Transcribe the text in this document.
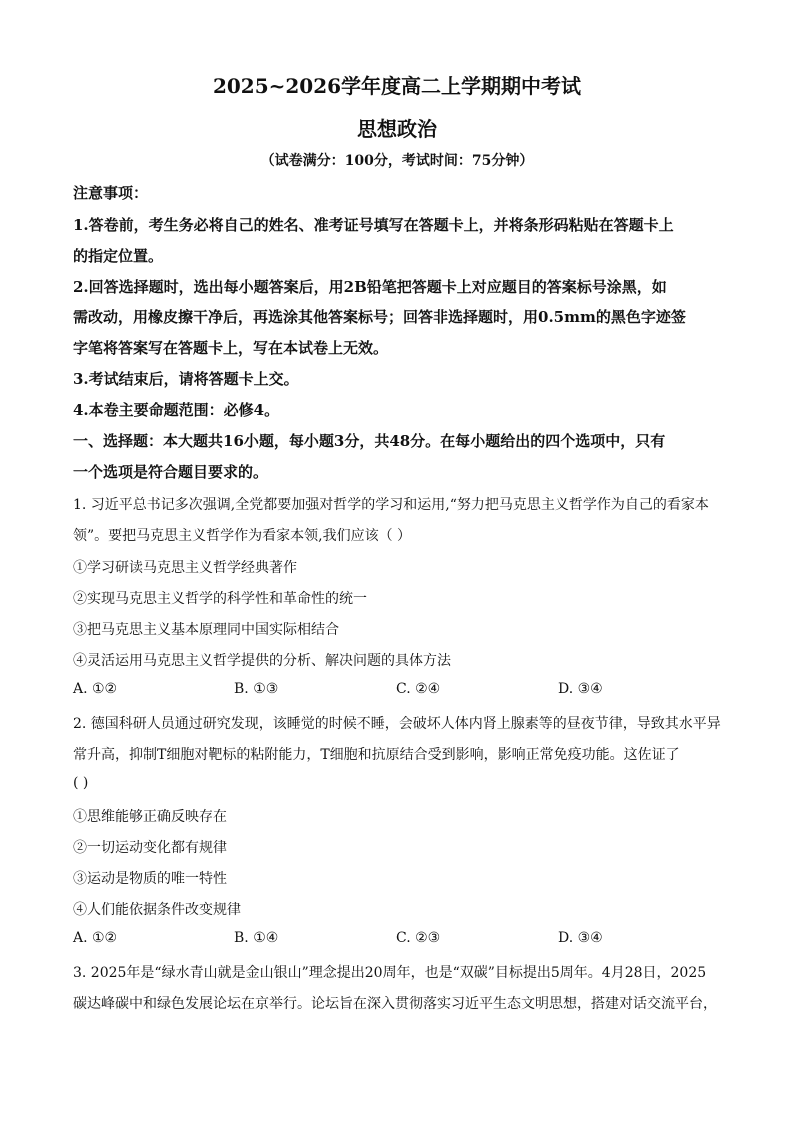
2025~2026学年度高二上学期期中考试
思想政治
（试卷满分：100分，考试时间：75分钟）
注意事项：
1.答卷前，考生务必将自己的姓名、准考证号填写在答题卡上，并将条形码粘贴在答题卡上
的指定位置。
2.回答选择题时，选出每小题答案后，用2B铅笔把答题卡上对应题目的答案标号涂黑，如
需改动，用橡皮擦干净后，再选涂其他答案标号；回答非选择题时，用0.5mm的黑色字迹签
字笔将答案写在答题卡上，写在本试卷上无效。
3.考试结束后，请将答题卡上交。
4.本卷主要命题范围：必修4。
一、选择题：本大题共16小题，每小题3分，共48分。在每小题给出的四个选项中，只有
一个选项是符合题目要求的。
1. 习近平总书记多次强调,全党都要加强对哲学的学习和运用,“努力把马克思主义哲学作为自己的看家本
领”。要把马克思主义哲学作为看家本领,我们应该（ ）
①学习研读马克思主义哲学经典著作
②实现马克思主义哲学的科学性和革命性的统一
③把马克思主义基本原理同中国实际相结合
④灵活运用马克思主义哲学提供的分析、解决问题的具体方法
A. ①②	B. ①③	C. ②④	D. ③④
2. 德国科研人员通过研究发现，该睡觉的时候不睡，会破坏人体内肾上腺素等的昼夜节律，导致其水平异
常升高，抑制T细胞对靶标的粘附能力，T细胞和抗原结合受到影响，影响正常免疫功能。这佐证了
( )
①思维能够正确反映存在
②一切运动变化都有规律
③运动是物质的唯一特性
④人们能依据条件改变规律
A. ①②	B. ①④	C. ②③	D. ③④
3. 2025年是“绿水青山就是金山银山”理念提出20周年，也是“双碳”目标提出5周年。4月28日，2025
碳达峰碳中和绿色发展论坛在京举行。论坛旨在深入贯彻落实习近平生态文明思想，搭建对话交流平台，
